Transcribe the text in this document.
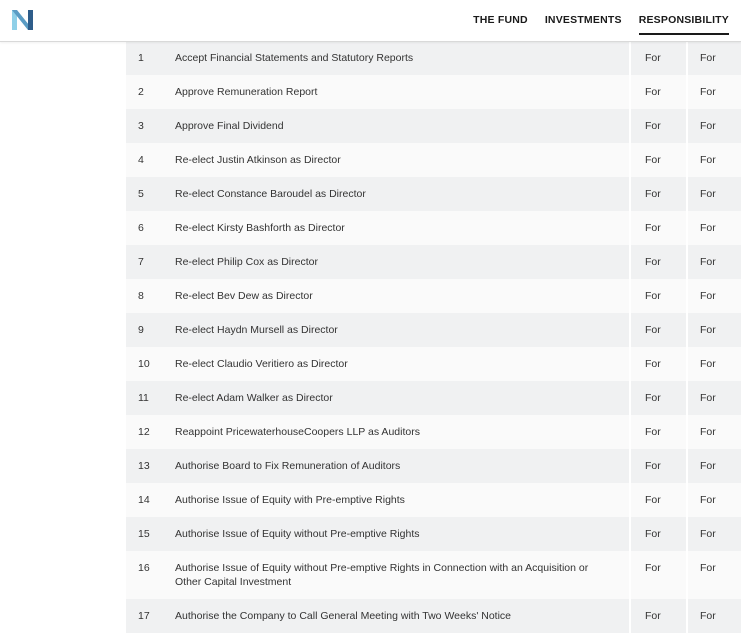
THE FUND INVESTMENTS RESPONSIBILITY
1	Accept Financial Statements and Statutory Reports	For	For
2	Approve Remuneration Report	For	For
3	Approve Final Dividend	For	For
4	Re-elect Justin Atkinson as Director	For	For
5	Re-elect Constance Baroudel as Director	For	For
6	Re-elect Kirsty Bashforth as Director	For	For
7	Re-elect Philip Cox as Director	For	For
8	Re-elect Bev Dew as Director	For	For
9	Re-elect Haydn Mursell as Director	For	For
10	Re-elect Claudio Veritiero as Director	For	For
11	Re-elect Adam Walker as Director	For	For
12	Reappoint PricewaterhouseCoopers LLP as Auditors	For	For
13	Authorise Board to Fix Remuneration of Auditors	For	For
14	Authorise Issue of Equity with Pre-emptive Rights	For	For
15	Authorise Issue of Equity without Pre-emptive Rights	For	For
16	Authorise Issue of Equity without Pre-emptive Rights in Connection with an Acquisition or Other Capital Investment	For	For
17	Authorise the Company to Call General Meeting with Two Weeks' Notice	For	For
